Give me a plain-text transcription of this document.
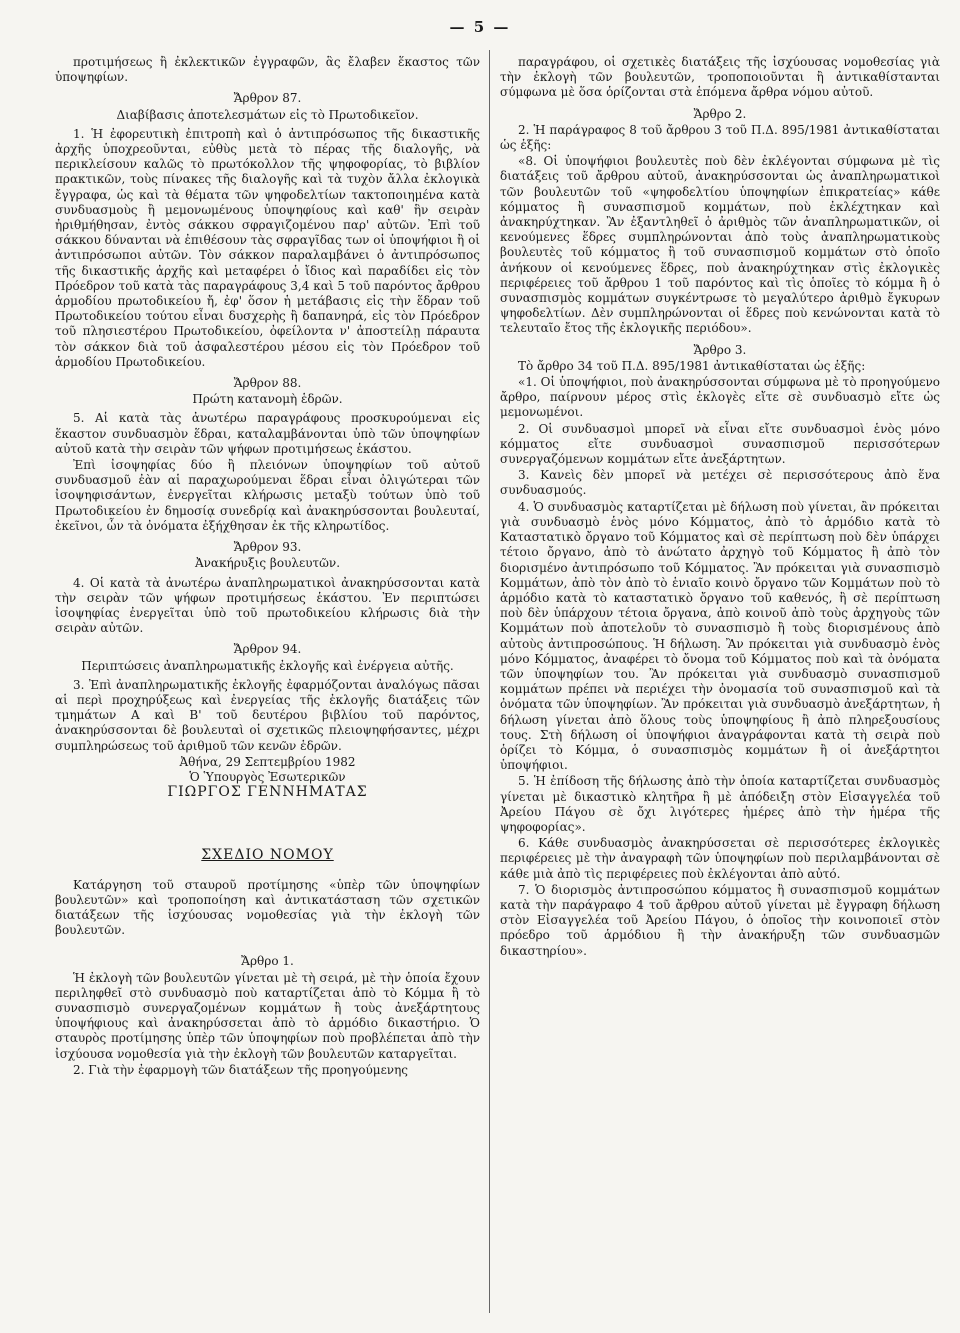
— 5 —

προτιμήσεως ἢ ἐκλεκτικῶν ἐγγραφῶν, ἃς ἔλαβεν ἕκαστος τῶν ὑποψηφίων.

Ἄρθρον 87.

Διαβίβασις ἀποτελεσμάτων εἰς τὸ Πρωτοδικεῖον.

1. Ἡ ἐφορευτικὴ ἐπιτροπὴ καὶ ὁ ἀντιπρόσωπος τῆς δικαστικῆς ἀρχῆς ὑποχρεοῦνται, εὐθὺς μετὰ τὸ πέρας τῆς διαλογῆς, νὰ περικλείσουν καλῶς τὸ πρωτόκολλον τῆς ψηφοφορίας, τὸ βιβλίον πρακτικῶν, τοὺς πίνακες τῆς διαλογῆς καὶ τὰ τυχὸν ἄλλα ἐκλογικὰ ἔγγραφα, ὡς καὶ τὰ θέματα τῶν ψηφοδελτίων τακτοποιημένα κατὰ συνδυασμοὺς ἢ μεμονωμένους ὑποψηφίους καὶ καθ' ἣν σειρὰν ἠριθμήθησαν, ἐντὸς σάκκου σφραγιζομένου παρ' αὐτῶν. Ἐπὶ τοῦ σάκκου δύνανται νὰ ἐπιθέσουν τὰς σφραγῖδας των οἱ ὑποψήφιοι ἢ οἱ ἀντιπρόσωποι αὐτῶν. Τὸν σάκκον παραλαμβάνει ὁ ἀντιπρόσωπος τῆς δικαστικῆς ἀρχῆς καὶ μεταφέρει ὁ ἴδιος καὶ παραδίδει εἰς τὸν Πρόεδρον τοῦ κατὰ τὰς παραγράφους 3,4 καὶ 5 τοῦ παρόντος ἄρθρου ἁρμοδίου πρωτοδικείου ἤ, ἐφ' ὅσον ἡ μετάβασις εἰς τὴν ἕδραν τοῦ Πρωτοδικείου τούτου εἶναι δυσχερὴς ἢ δαπανηρά, εἰς τὸν Πρόεδρον τοῦ πλησιεστέρου Πρωτοδικείου, ὀφείλοντα ν' ἀποστείλῃ πάραυτα τὸν σάκκον διὰ τοῦ ἀσφαλεστέρου μέσου εἰς τὸν Πρόεδρον τοῦ ἁρμοδίου Πρωτοδικείου.

Ἄρθρον 88.

Πρώτη κατανομὴ ἑδρῶν.

5. Αἱ κατὰ τὰς ἀνωτέρω παραγράφους προσκυρούμεναι εἰς ἕκαστον συνδυασμὸν ἕδραι, καταλαμβάνονται ὑπὸ τῶν ὑποψηφίων αὐτοῦ κατὰ τὴν σειρὰν τῶν ψήφων προτιμήσεως ἑκάστου.

Ἐπὶ ἰσοψηφίας δύο ἢ πλειόνων ὑποψηφίων τοῦ αὐτοῦ συνδυασμοῦ ἐὰν αἱ παραχωρούμεναι ἕδραι εἶναι ὀλιγώτεραι τῶν ἰσοψηφισάντων, ἐνεργεῖται κλήρωσις μεταξὺ τούτων ὑπὸ τοῦ Πρωτοδικείου ἐν δημοσίᾳ συνεδρίᾳ καὶ ἀνακηρύσσονται βουλευταί, ἐκεῖνοι, ὧν τὰ ὀνόματα ἐξήχθησαν ἐκ τῆς κληρωτίδος.

Ἄρθρον 93.

Ἀνακήρυξις βουλευτῶν.

4. Οἱ κατὰ τὰ ἀνωτέρω ἀναπληρωματικοὶ ἀνακηρύσσονται κατὰ τὴν σειρὰν τῶν ψήφων προτιμήσεως ἑκάστου. Ἐν περιπτώσει ἰσοψηφίας ἐνεργεῖται ὑπὸ τοῦ πρωτοδικείου κλήρωσις διὰ τὴν σειρὰν αὐτῶν.

Ἄρθρον 94.

Περιπτώσεις ἀναπληρωματικῆς ἐκλογῆς καὶ ἐνέργεια αὐτῆς.

3. Ἐπὶ ἀναπληρωματικῆς ἐκλογῆς ἐφαρμόζονται ἀναλόγως πᾶσαι αἱ περὶ προχηρύξεως καὶ ἐνεργείας τῆς ἐκλογῆς διατάξεις τῶν τμημάτων Α καὶ Β' τοῦ δευτέρου βιβλίου τοῦ παρόντος, ἀνακηρύσσονται δὲ βουλευταὶ οἱ σχετικῶς πλειοψηφήσαντες, μέχρι συμπληρώσεως τοῦ ἀριθμοῦ τῶν κενῶν ἑδρῶν.

Ἀθήνα, 29 Σεπτεμβρίου 1982

Ὁ Ὑπουργὸς Ἐσωτερικῶν

ΓΙΩΡΓΟΣ ΓΕΝΝΗΜΑΤΑΣ

ΣΧΕΔΙΟ ΝΟΜΟΥ

Κατάργηση τοῦ σταυροῦ προτίμησης «ὑπὲρ τῶν ὑποψηφίων βουλευτῶν» καὶ τροποποίηση καὶ ἀντικατάσταση τῶν σχετικῶν διατάξεων τῆς ἰσχύουσας νομοθεσίας γιὰ τὴν ἐκλογὴ τῶν βουλευτῶν.

Ἄρθρο 1.

Ἡ ἐκλογὴ τῶν βουλευτῶν γίνεται μὲ τὴ σειρά, μὲ τὴν ὁποία ἔχουν περιληφθεῖ στὸ συνδυασμὸ ποὺ καταρτίζεται ἀπὸ τὸ Κόμμα ἢ τὸ συνασπισμὸ συνεργαζομένων κομμάτων ἢ τοὺς ἀνεξάρτητους ὑποψήφιους καὶ ἀνακηρύσσεται ἀπὸ τὸ ἁρμόδιο δικαστήριο. Ὁ σταυρὸς προτίμησης ὑπὲρ τῶν ὑποψηφίων ποὺ προβλέπεται ἀπὸ τὴν ἰσχύουσα νομοθεσία γιὰ τὴν ἐκλογὴ τῶν βουλευτῶν καταργεῖται.

2. Γιὰ τὴν ἐφαρμογὴ τῶν διατάξεων τῆς προηγούμενης

παραγράφου, οἱ σχετικὲς διατάξεις τῆς ἰσχύουσας νομοθεσίας γιὰ τὴν ἐκλογὴ τῶν βουλευτῶν, τροποποιοῦνται ἢ ἀντικαθίστανται σύμφωνα μὲ ὅσα ὁρίζονται στὰ ἑπόμενα ἄρθρα νόμου αὐτοῦ.

Ἄρθρο 2.

2. Ἡ παράγραφος 8 τοῦ ἄρθρου 3 τοῦ Π.Δ. 895/1981 ἀντικαθίσταται ὡς ἑξῆς:

«8. Οἱ ὑποψήφιοι βουλευτὲς ποὺ δὲν ἐκλέγονται σύμφωνα μὲ τὶς διατάξεις τοῦ ἄρθρου αὐτοῦ, ἀνακηρύσσονται ὡς ἀναπληρωματικοὶ τῶν βουλευτῶν τοῦ «ψηφοδελτίου ὑποψηφίων ἐπικρατείας» κάθε κόμματος ἢ συνασπισμοῦ κομμάτων, ποὺ ἐκλέχτηκαν καὶ ἀνακηρύχτηκαν. Ἂν ἐξαντληθεῖ ὁ ἀριθμὸς τῶν ἀναπληρωματικῶν, οἱ κενούμενες ἕδρες συμπληρώνονται ἀπὸ τοὺς ἀναπληρωματικοὺς βουλευτὲς τοῦ κόμματος ἢ τοῦ συνασπισμοῦ κομμάτων στὸ ὁποῖο ἀνήκουν οἱ κενούμενες ἕδρες, ποὺ ἀνακηρύχτηκαν στὶς ἐκλογικὲς περιφέρειες τοῦ ἄρθρου 1 τοῦ παρόντος καὶ τὶς ὁποῖες τὸ κόμμα ἢ ὁ συνασπισμὸς κομμάτων συγκέντρωσε τὸ μεγαλύτερο ἀριθμὸ ἔγκυρων ψηφοδελτίων. Δὲν συμπληρώνονται οἱ ἕδρες ποὺ κενώνονται κατὰ τὸ τελευταῖο ἔτος τῆς ἐκλογικῆς περιόδου».

Ἄρθρο 3.

Τὸ ἄρθρο 34 τοῦ Π.Δ. 895/1981 ἀντικαθίσταται ὡς ἑξῆς:

«1. Οἱ ὑποψήφιοι, ποὺ ἀνακηρύσσονται σύμφωνα μὲ τὸ προηγούμενο ἄρθρο, παίρνουν μέρος στὶς ἐκλογὲς εἴτε σὲ συνδυασμὸ εἴτε ὡς μεμονωμένοι.

2. Οἱ συνδυασμοὶ μπορεῖ νὰ εἶναι εἴτε συνδυασμοὶ ἑνὸς μόνο κόμματος εἴτε συνδυασμοὶ συνασπισμοῦ περισσότερων συνεργαζόμενων κομμάτων εἴτε ἀνεξάρτητων.

3. Κανεὶς δὲν μπορεῖ νὰ μετέχει σὲ περισσότερους ἀπὸ ἕνα συνδυασμούς.

4. Ὁ συνδυασμὸς καταρτίζεται μὲ δήλωση ποὺ γίνεται, ἂν πρόκειται γιὰ συνδυασμὸ ἑνὸς μόνο Κόμματος, ἀπὸ τὸ ἁρμόδιο κατὰ τὸ Καταστατικὸ ὄργανο τοῦ Κόμματος καὶ σὲ περίπτωση ποὺ δὲν ὑπάρχει τέτοιο ὄργανο, ἀπὸ τὸ ἀνώτατο ἀρχηγὸ τοῦ Κόμματος ἢ ἀπὸ τὸν διορισμένο ἀντιπρόσωπο τοῦ Κόμματος. Ἂν πρόκειται γιὰ συνασπισμὸ Κομμάτων, ἀπὸ τὸν ἀπὸ τὸ ἑνιαῖο κοινὸ ὄργανο τῶν Κομμάτων ποὺ τὸ ἁρμόδιο κατὰ τὸ καταστατικὸ ὄργανο τοῦ καθενός, ἢ σὲ περίπτωση ποὺ δὲν ὑπάρχουν τέτοια ὄργανα, ἀπὸ κοινοῦ ἀπὸ τοὺς ἀρχηγοὺς τῶν Κομμάτων ποὺ ἀποτελοῦν τὸ συνασπισμὸ ἢ τοὺς διορισμένους ἀπὸ αὐτοὺς ἀντιπροσώπους. Ἡ δήλωση. Ἂν πρόκειται γιὰ συνδυασμὸ ἑνὸς μόνο Κόμματος, ἀναφέρει τὸ ὄνομα τοῦ Κόμματος ποὺ καὶ τὰ ὀνόματα τῶν ὑποψηφίων του. Ἂν πρόκειται γιὰ συνδυασμὸ συνασπισμοῦ κομμάτων πρέπει νὰ περιέχει τὴν ὀνομασία τοῦ συνασπισμοῦ καὶ τὰ ὀνόματα τῶν ὑποψηφίων. Ἂν πρόκειται γιὰ συνδυασμὸ ἀνεξάρτητων, ἡ δήλωση γίνεται ἀπὸ ὅλους τοὺς ὑποψηφίους ἢ ἀπὸ πληρεξουσίους τους. Στὴ δήλωση οἱ ὑποψήφιοι ἀναγράφονται κατὰ τὴ σειρὰ ποὺ ὁρίζει τὸ Κόμμα, ὁ συνασπισμὸς κομμάτων ἢ οἱ ἀνεξάρτητοι ὑποψήφιοι.

5. Ἡ ἐπίδοση τῆς δήλωσης ἀπὸ τὴν ὁποία καταρτίζεται συνδυασμὸς γίνεται μὲ δικαστικὸ κλητῆρα ἢ μὲ ἀπόδειξη στὸν Εἰσαγγελέα τοῦ Ἀρείου Πάγου σὲ ὄχι λιγότερες ἡμέρες ἀπὸ τὴν ἡμέρα τῆς ψηφοφορίας».

6. Κάθε συνδυασμὸς ἀνακηρύσσεται σὲ περισσότερες ἐκλογικὲς περιφέρειες μὲ τὴν ἀναγραφὴ τῶν ὑποψηφίων ποὺ περιλαμβάνονται σὲ κάθε μιὰ ἀπὸ τὶς περιφέρειες ποὺ ἐκλέγονται ἀπὸ αὐτό.

7. Ὁ διορισμὸς ἀντιπροσώπου κόμματος ἢ συνασπισμοῦ κομμάτων κατὰ τὴν παράγραφο 4 τοῦ ἄρθρου αὐτοῦ γίνεται μὲ ἔγγραφη δήλωση στὸν Εἰσαγγελέα τοῦ Ἀρείου Πάγου, ὁ ὁποῖος τὴν κοινοποιεῖ στὸν πρόεδρο τοῦ ἁρμόδιου ἢ τὴν ἀνακήρυξη τῶν συνδυασμῶν δικαστηρίου».
